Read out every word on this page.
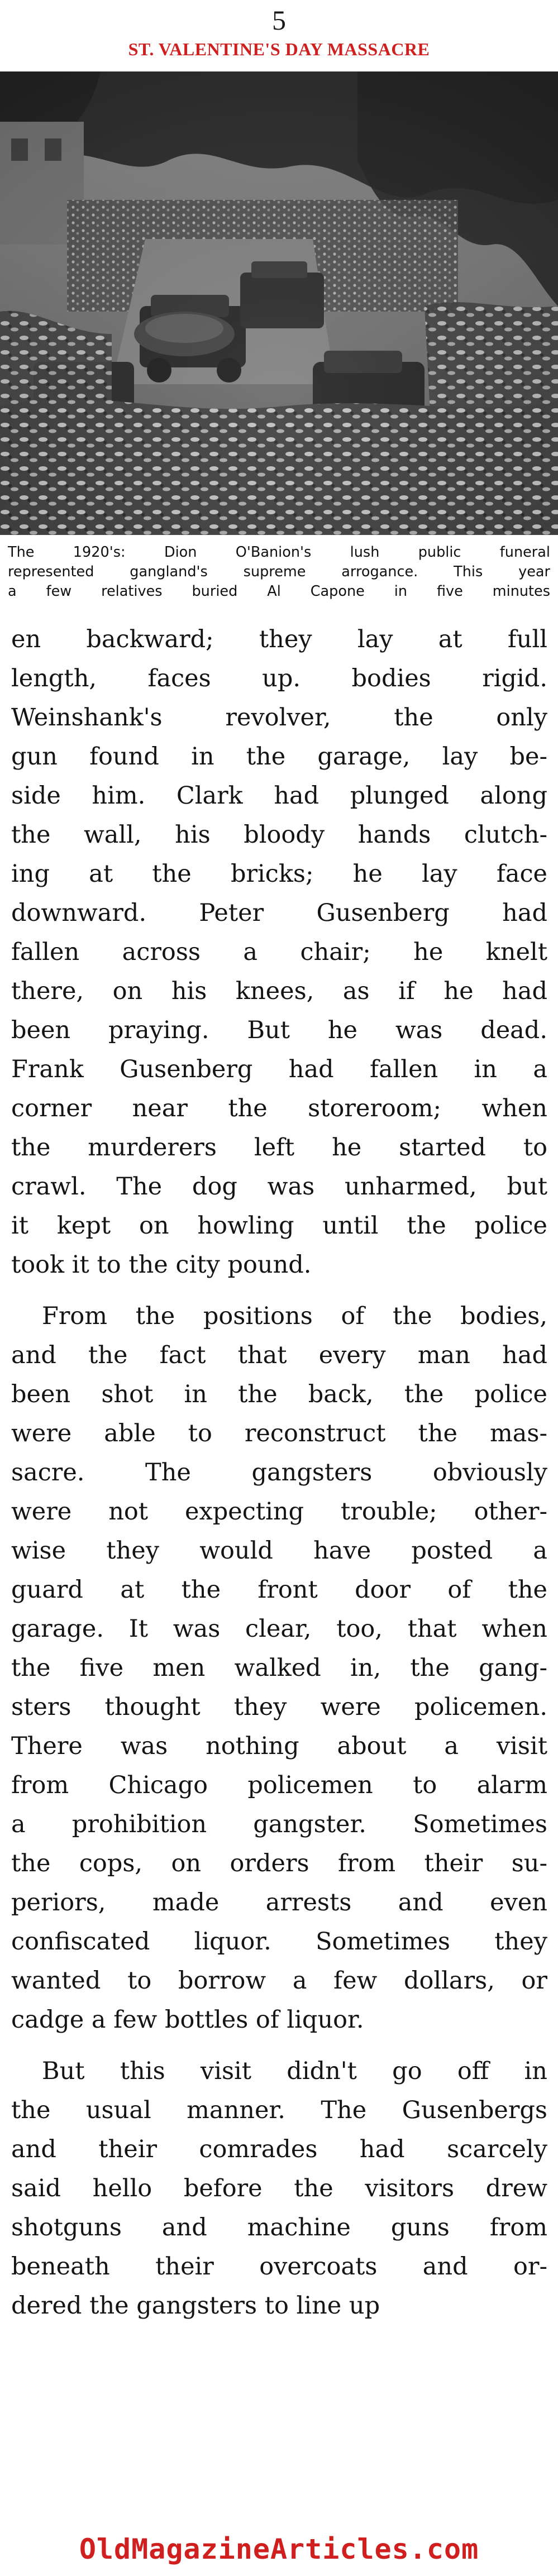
5
ST. VALENTINE'S DAY MASSACRE
The 1920's: Dion O'Banion's lush public funeral
represented gangland's supreme arrogance. This year
a few relatives buried Al Capone in five minutes
en backward; they lay at full
length, faces up. bodies rigid.
Weinshank's revolver, the only
gun found in the garage, lay be-
side him. Clark had plunged along
the wall, his bloody hands clutch-
ing at the bricks; he lay face
downward. Peter Gusenberg had
fallen across a chair; he knelt
there, on his knees, as if he had
been praying. But he was dead.
Frank Gusenberg had fallen in a
corner near the storeroom; when
the murderers left he started to
crawl. The dog was unharmed, but
it kept on howling until the police
took it to the city pound.
From the positions of the bodies,
and the fact that every man had
been shot in the back, the police
were able to reconstruct the mas-
sacre. The gangsters obviously
were not expecting trouble; other-
wise they would have posted a
guard at the front door of the
garage. It was clear, too, that when
the five men walked in, the gang-
sters thought they were policemen.
There was nothing about a visit
from Chicago policemen to alarm
a prohibition gangster. Sometimes
the cops, on orders from their su-
periors, made arrests and even
confiscated liquor. Sometimes they
wanted to borrow a few dollars, or
cadge a few bottles of liquor.
But this visit didn't go off in
the usual manner. The Gusenbergs
and their comrades had scarcely
said hello before the visitors drew
shotguns and machine guns from
beneath their overcoats and or-
dered the gangsters to line up
OldMagazineArticles.com
